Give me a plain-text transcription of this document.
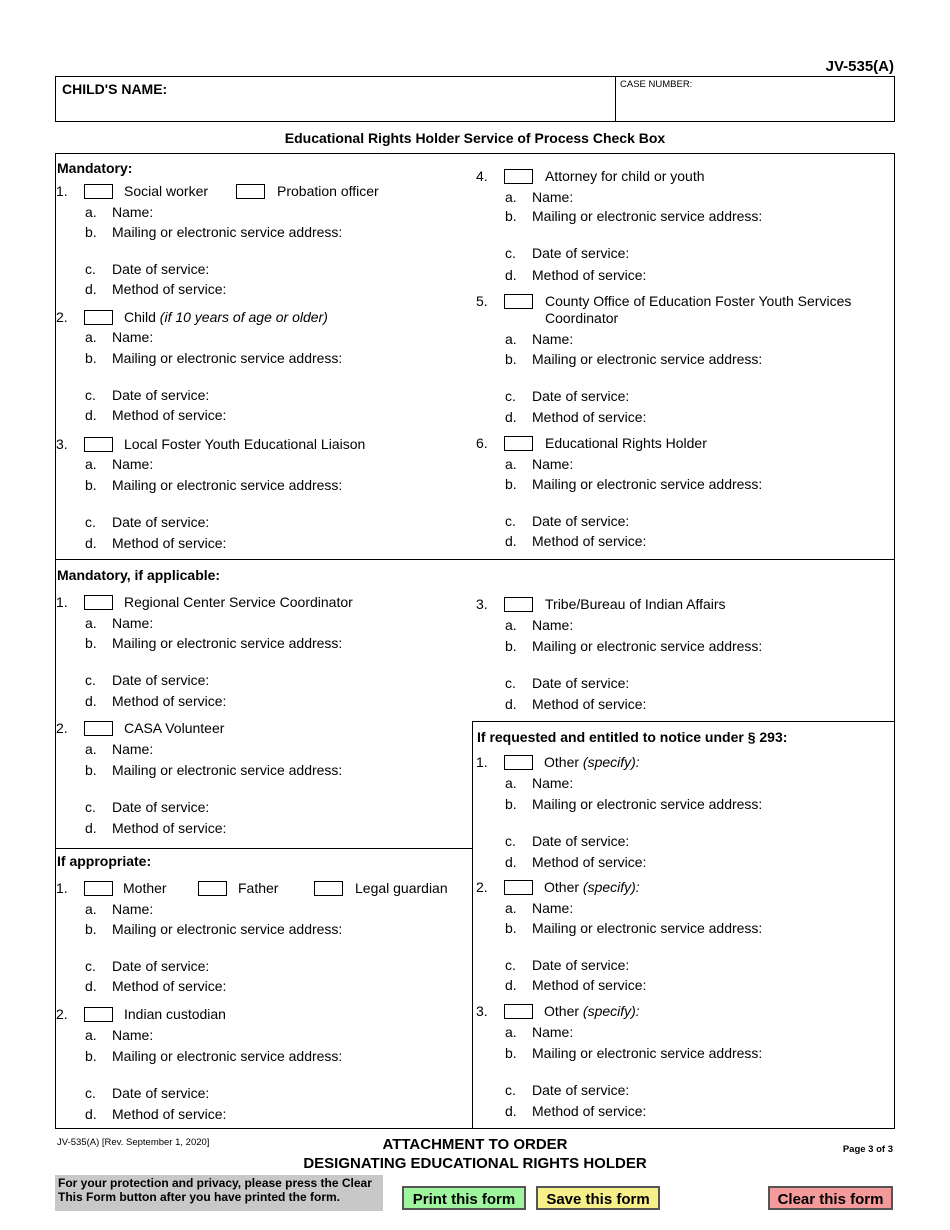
JV-535(A)
CHILD'S NAME:	CASE NUMBER:
Educational Rights Holder Service of Process Check Box
Mandatory:
Mandatory, if applicable:
If requested and entitled to notice under § 293:
If appropriate:
1.	Social worker	Probation officer
a. Name:
b. Mailing or electronic service address:
c. Date of service:
d. Method of service:
2.	Child (if 10 years of age or older)
a. Name:
b. Mailing or electronic service address:
c. Date of service:
d. Method of service:
3.	Local Foster Youth Educational Liaison
a. Name:
b. Mailing or electronic service address:
c. Date of service:
d. Method of service:
4.	Attorney for child or youth
a. Name:
b. Mailing or electronic service address:
c. Date of service:
d. Method of service:
5.	County Office of Education Foster Youth Services
Coordinator
a. Name:
b. Mailing or electronic service address:
c. Date of service:
d. Method of service:
6.	Educational Rights Holder
a. Name:
b. Mailing or electronic service address:
c. Date of service:
d. Method of service:
1.	Regional Center Service Coordinator
a. Name:
b. Mailing or electronic service address:
c. Date of service:
d. Method of service:
2.	CASA Volunteer
a. Name:
b. Mailing or electronic service address:
c. Date of service:
d. Method of service:
3.	Tribe/Bureau of Indian Affairs
a. Name:
b. Mailing or electronic service address:
c. Date of service:
d. Method of service:
1.	Other (specify):
a. Name:
b. Mailing or electronic service address:
c. Date of service:
d. Method of service:
2.	Other (specify):
a. Name:
b. Mailing or electronic service address:
c. Date of service:
d. Method of service:
3.	Other (specify):
a. Name:
b. Mailing or electronic service address:
c. Date of service:
d. Method of service:
1.	Mother	Father	Legal guardian
a. Name:
b. Mailing or electronic service address:
c. Date of service:
d. Method of service:
2.	Indian custodian
a. Name:
b. Mailing or electronic service address:
c. Date of service:
d. Method of service:
JV-535(A) [Rev. September 1, 2020]	ATTACHMENT TO ORDER
DESIGNATING EDUCATIONAL RIGHTS HOLDER
Page 3 of 3
For your protection and privacy, please press the Clear
This Form button after you have printed the form.	Print this form	Save this form	Clear this form
